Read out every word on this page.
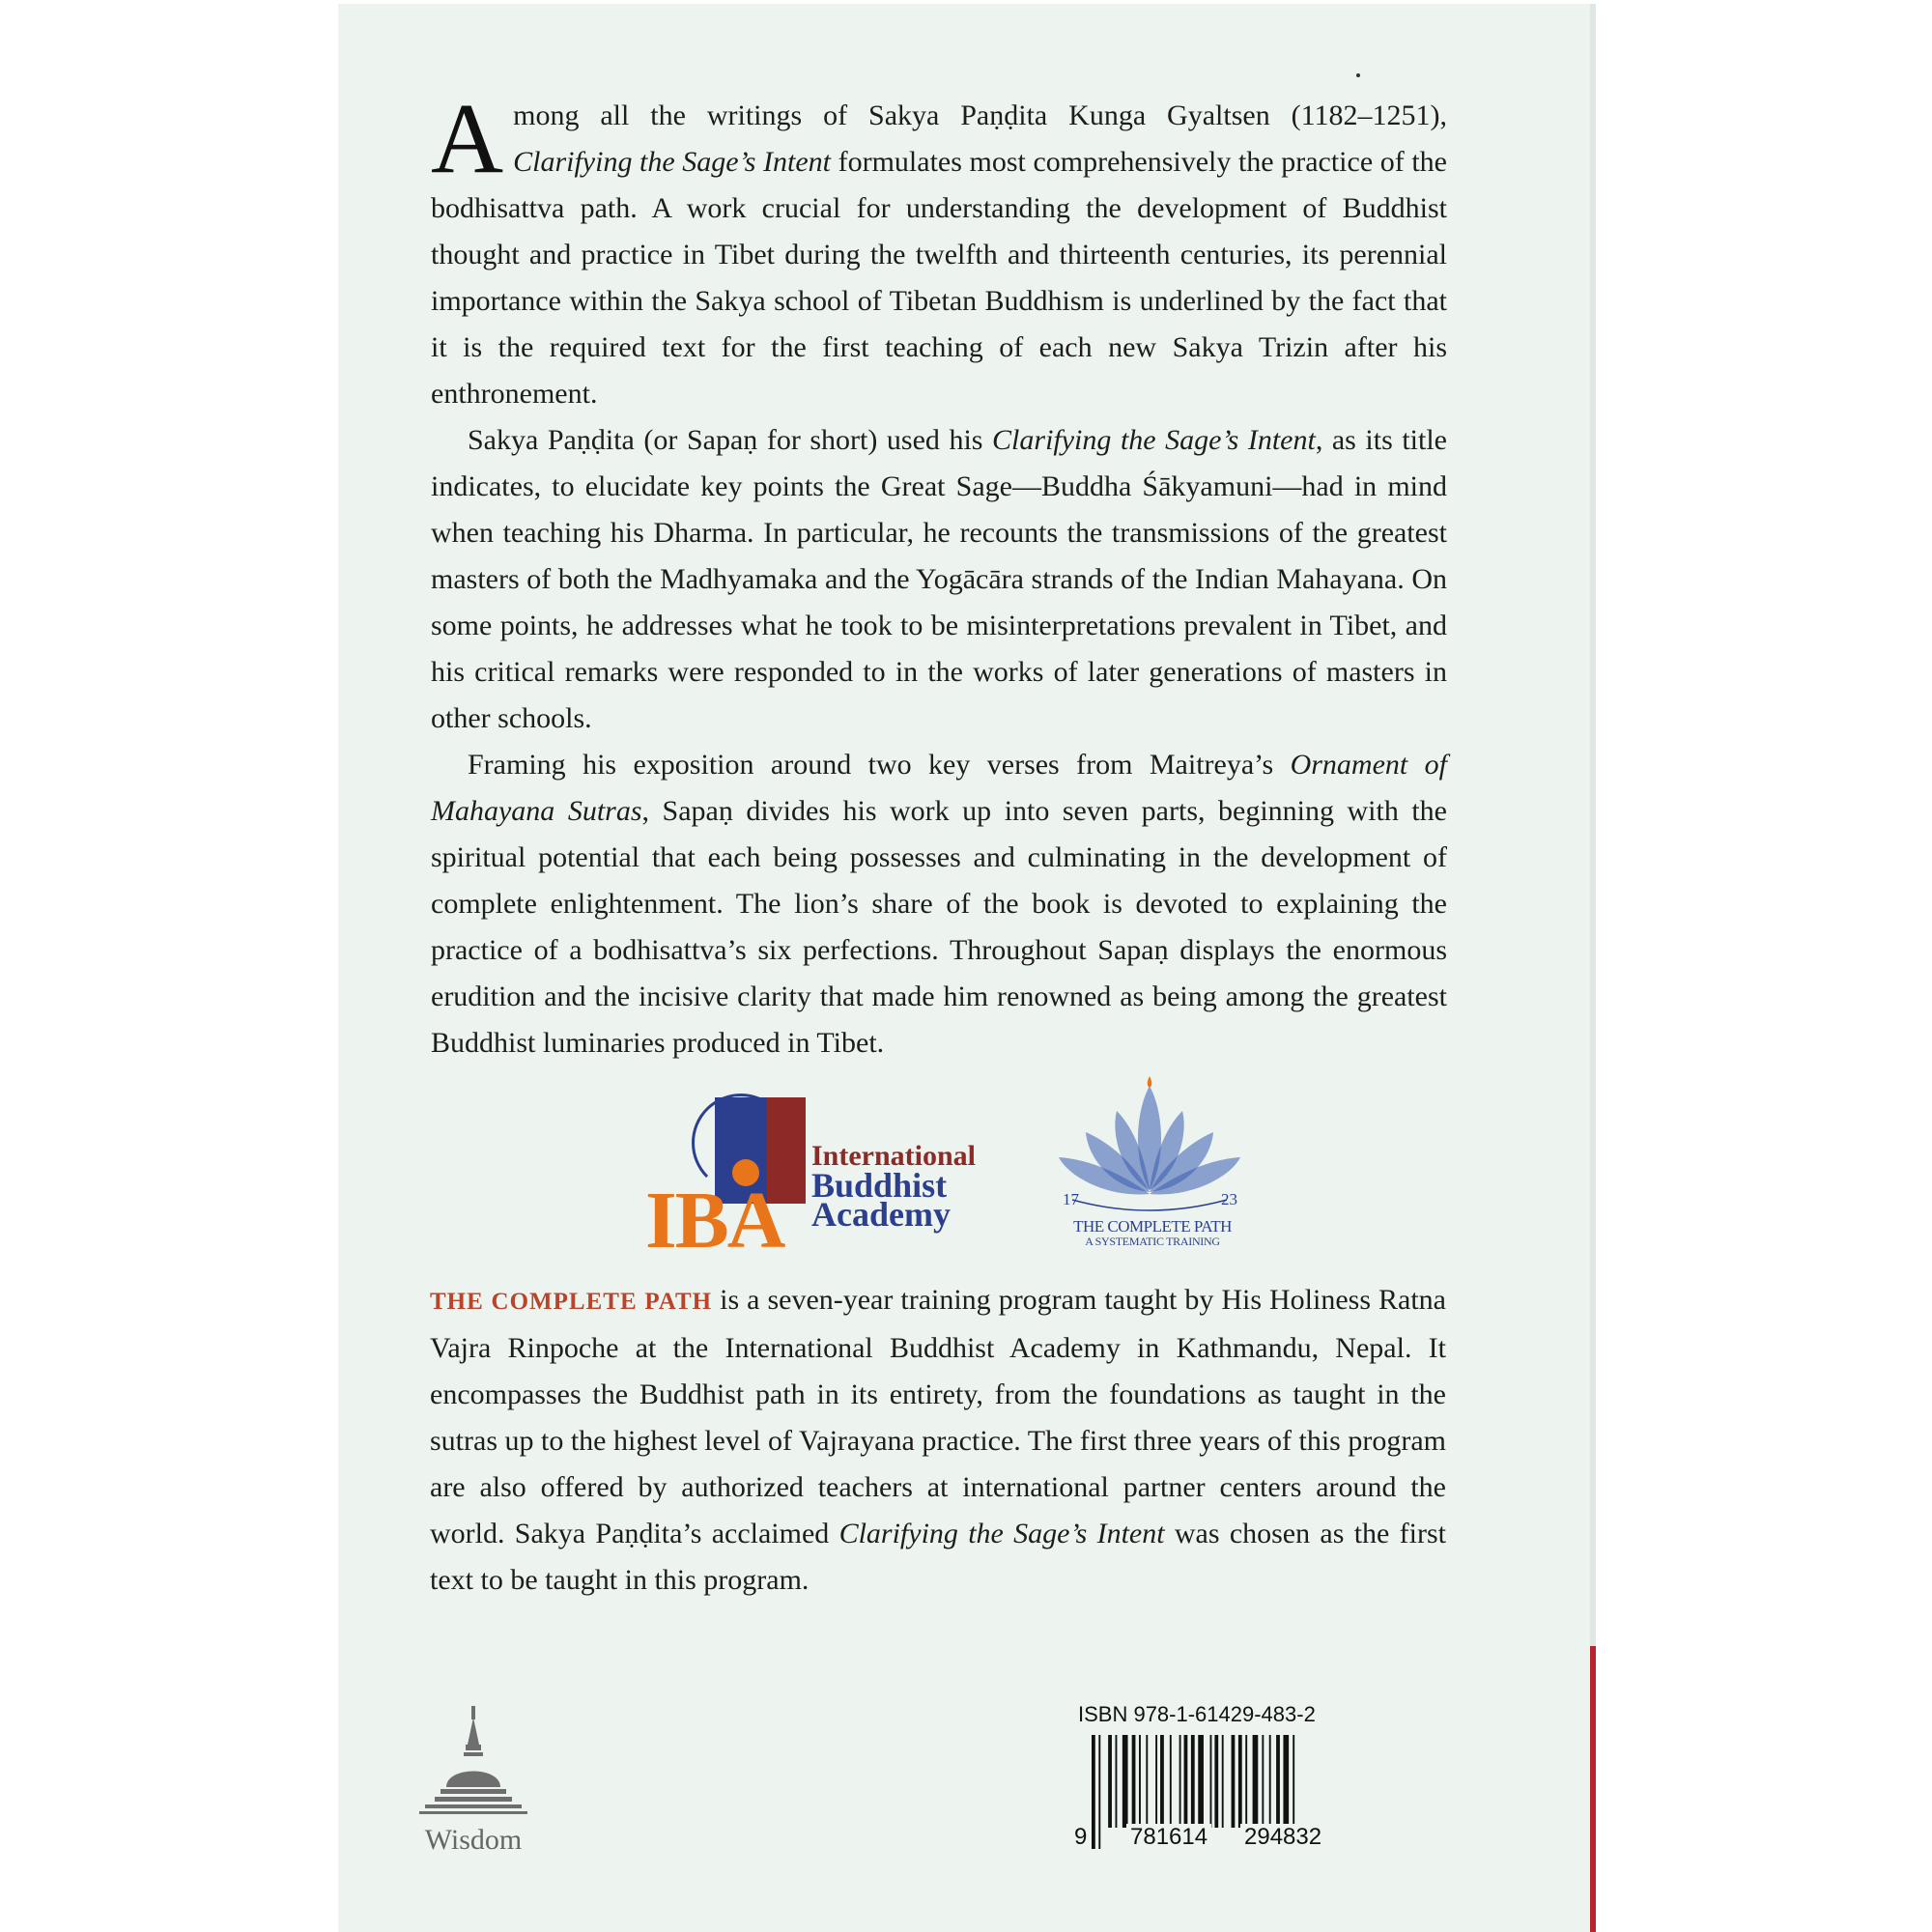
Among all the writings of Sakya Paṇḍita Kunga Gyaltsen (1182–1251), Clarifying the Sage’s Intent formulates most comprehensively the practice of the bodhisattva path. A work crucial for understanding the development of Buddhist thought and practice in Tibet during the twelfth and thirteenth centuries, its perennial importance within the Sakya school of Tibetan Buddhism is underlined by the fact that it is the required text for the first teaching of each new Sakya Trizin after his enthronement.

Sakya Paṇḍita (or Sapaṇ for short) used his Clarifying the Sage’s Intent, as its title indicates, to elucidate key points the Great Sage—Buddha Śākyamuni—had in mind when teaching his Dharma. In particular, he recounts the transmissions of the greatest masters of both the Madhyamaka and the Yogācāra strands of the Indian Mahayana. On some points, he addresses what he took to be misinterpretations prevalent in Tibet, and his critical remarks were responded to in the works of later generations of masters in other schools.

Framing his exposition around two key verses from Maitreya’s Ornament of Mahayana Sutras, Sapaṇ divides his work up into seven parts, beginning with the spiritual potential that each being possesses and culminating in the development of complete enlightenment. The lion’s share of the book is devoted to explaining the practice of a bodhisattva’s six perfections. Throughout Sapaṇ displays the enormous erudition and the incisive clarity that made him renowned as being among the greatest Buddhist luminaries produced in Tibet.

IBA
International
Buddhist
Academy	17	23
THE COMPLETE PATH
A SYSTEMATIC TRAINING
THE COMPLETE PATH is a seven-year training program taught by His Holiness Ratna Vajra Rinpoche at the International Buddhist Academy in Kathmandu, Nepal. It encompasses the Buddhist path in its entirety, from the foundations as taught in the sutras up to the highest level of Vajrayana practice. The first three years of this program are also offered by authorized teachers at international partner centers around the world. Sakya Paṇḍita’s acclaimed Clarifying the Sage’s Intent was chosen as the first text to be taught in this program.
Wisdom
ISBN 978-1-61429-483-2
9 781614 294832
